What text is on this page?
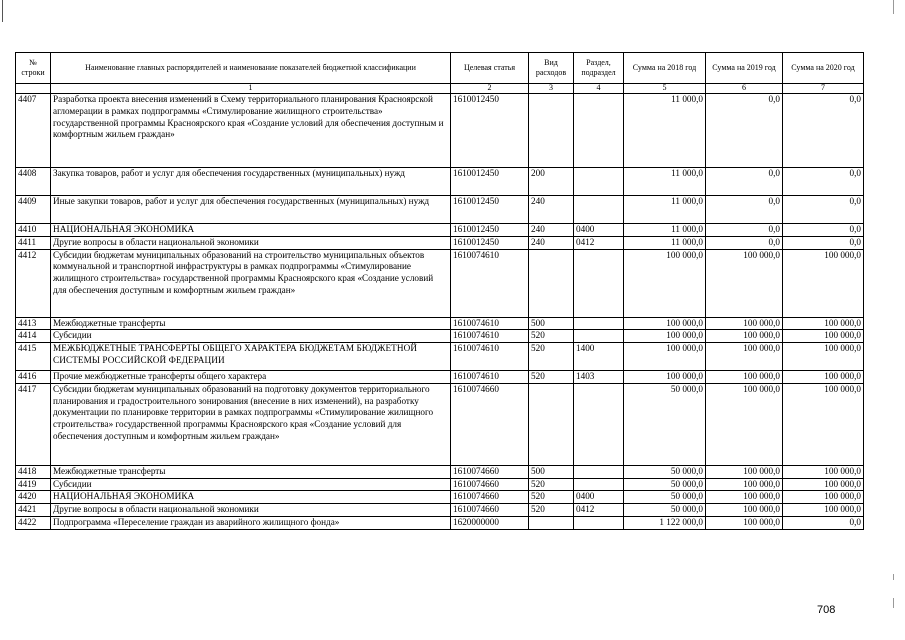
№ строки	Наименование главных распорядителей и наименование показателей бюджетной классификации	Целевая статья	Вид расходов	Раздел, подраздел	Сумма на 2018 год	Сумма на 2019 год	Сумма на 2020 год
	1	2	3	4	5	6	7
4407	Разработка проекта внесения изменений в Схему территориального планирования Красноярской агломерации в рамках подпрограммы «Стимулирование жилищного строительства» государственной программы Красноярского края «Создание условий для обеспечения доступным и комфортным жильем граждан»	1610012450			11 000,0	0,0	0,0
4408	Закупка товаров, работ и услуг для обеспечения государственных (муниципальных) нужд	1610012450	200		11 000,0	0,0	0,0
4409	Иные закупки товаров, работ и услуг для обеспечения государственных (муниципальных) нужд	1610012450	240		11 000,0	0,0	0,0
4410	НАЦИОНАЛЬНАЯ ЭКОНОМИКА	1610012450	240	0400	11 000,0	0,0	0,0
4411	Другие вопросы в области национальной экономики	1610012450	240	0412	11 000,0	0,0	0,0
4412	Субсидии бюджетам муниципальных образований на строительство муниципальных объектов коммунальной и транспортной инфраструктуры в рамках подпрограммы «Стимулирование жилищного строительства» государственной программы Красноярского края «Создание условий для обеспечения доступным и комфортным жильем граждан»	1610074610			100 000,0	100 000,0	100 000,0
4413	Межбюджетные трансферты	1610074610	500		100 000,0	100 000,0	100 000,0
4414	Субсидии	1610074610	520		100 000,0	100 000,0	100 000,0
4415	МЕЖБЮДЖЕТНЫЕ ТРАНСФЕРТЫ ОБЩЕГО ХАРАКТЕРА БЮДЖЕТАМ БЮДЖЕТНОЙ СИСТЕМЫ РОССИЙСКОЙ ФЕДЕРАЦИИ	1610074610	520	1400	100 000,0	100 000,0	100 000,0
4416	Прочие межбюджетные трансферты общего характера	1610074610	520	1403	100 000,0	100 000,0	100 000,0
4417	Субсидии бюджетам муниципальных образований на подготовку документов территориального планирования и градостроительного зонирования (внесение в них изменений), на разработку документации по планировке территории в рамках подпрограммы «Стимулирование жилищного строительства» государственной программы Красноярского края «Создание условий для обеспечения доступным и комфортным жильем граждан»	1610074660			50 000,0	100 000,0	100 000,0
4418	Межбюджетные трансферты	1610074660	500		50 000,0	100 000,0	100 000,0
4419	Субсидии	1610074660	520		50 000,0	100 000,0	100 000,0
4420	НАЦИОНАЛЬНАЯ ЭКОНОМИКА	1610074660	520	0400	50 000,0	100 000,0	100 000,0
4421	Другие вопросы в области национальной экономики	1610074660	520	0412	50 000,0	100 000,0	100 000,0
4422	Подпрограмма «Переселение граждан из аварийного жилищного фонда»	1620000000			1 122 000,0	100 000,0	0,0
708
